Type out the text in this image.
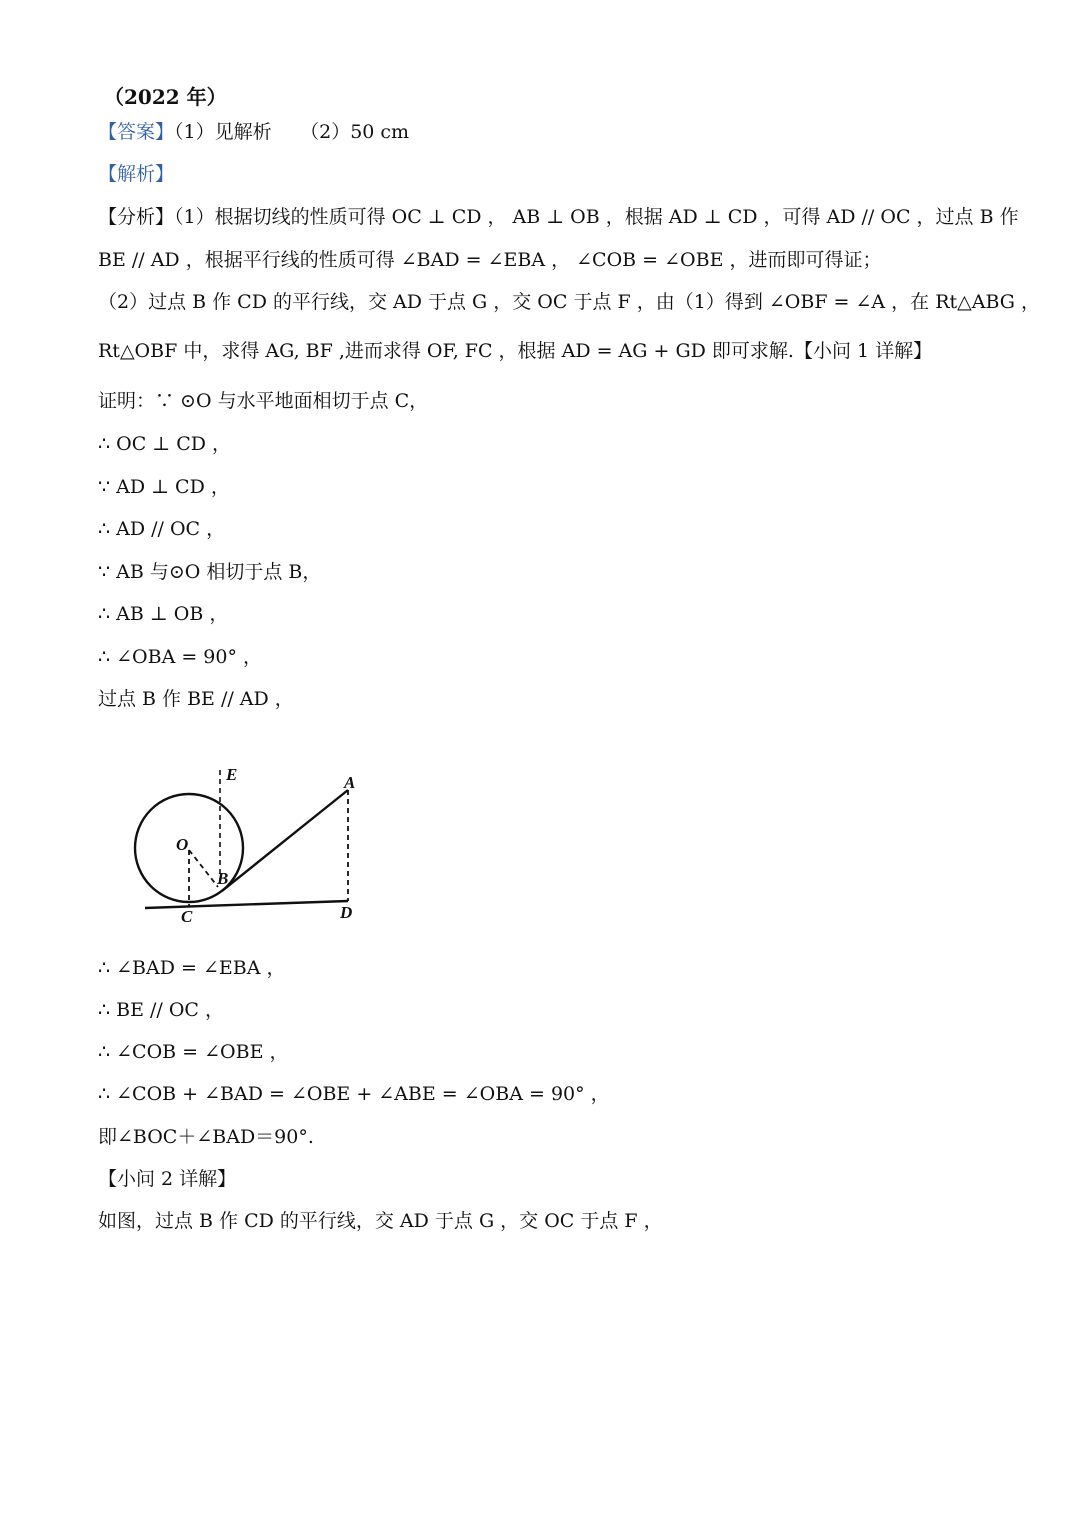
（2022 年）
【答案】（1）见解析　　（2）50 cm
【解析】
【分析】（1）根据切线的性质可得 OC ⊥ CD ， AB ⊥ OB ，根据 AD ⊥ CD ，可得 AD // OC ，过点 B 作
BE // AD ，根据平行线的性质可得 ∠BAD = ∠EBA ， ∠COB = ∠OBE ，进而即可得证；
（2）过点 B 作 CD 的平行线，交 AD 于点 G ，交 OC 于点 F ，由（1）得到 ∠OBF = ∠A ，在 Rt△ABG ，
Rt△OBF 中，求得 AG, BF ,进而求得 OF, FC ，根据 AD = AG + GD 即可求解.【小问 1 详解】
证明：∵ ⊙O 与水平地面相切于点 C，
∴ OC ⊥ CD ，
∵ AD ⊥ CD ，
∴ AD // OC ，
∵ AB 与⊙O 相切于点 B，
∴ AB ⊥ OB ，
∴ ∠OBA = 90° ，
过点 B 作 BE // AD ，
E	A
O
B
C	D
∴ ∠BAD = ∠EBA ，
∴ BE // OC ，
∴ ∠COB = ∠OBE ，
∴ ∠COB + ∠BAD = ∠OBE + ∠ABE = ∠OBA = 90° ，
即∠BOC＋∠BAD＝90°.
【小问 2 详解】
如图，过点 B 作 CD 的平行线，交 AD 于点 G ，交 OC 于点 F ，
